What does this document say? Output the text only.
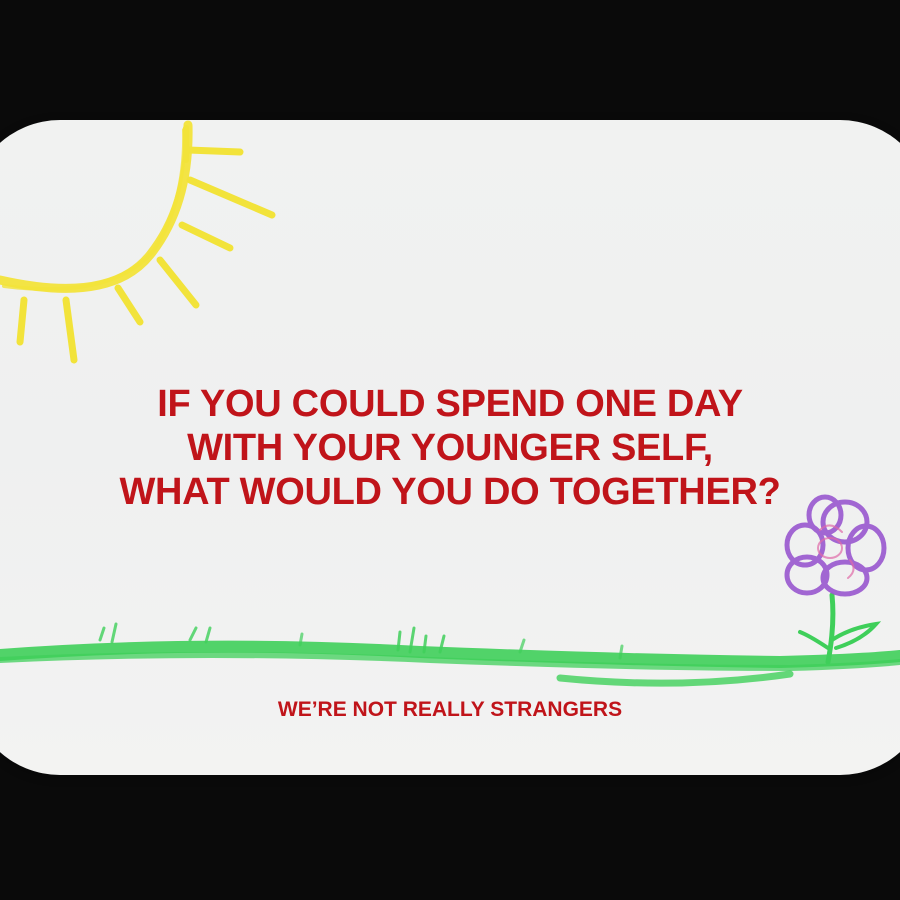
IF YOU COULD SPEND ONE DAY
WITH YOUR YOUNGER SELF,
WHAT WOULD YOU DO TOGETHER?
WE’RE NOT REALLY STRANGERS
